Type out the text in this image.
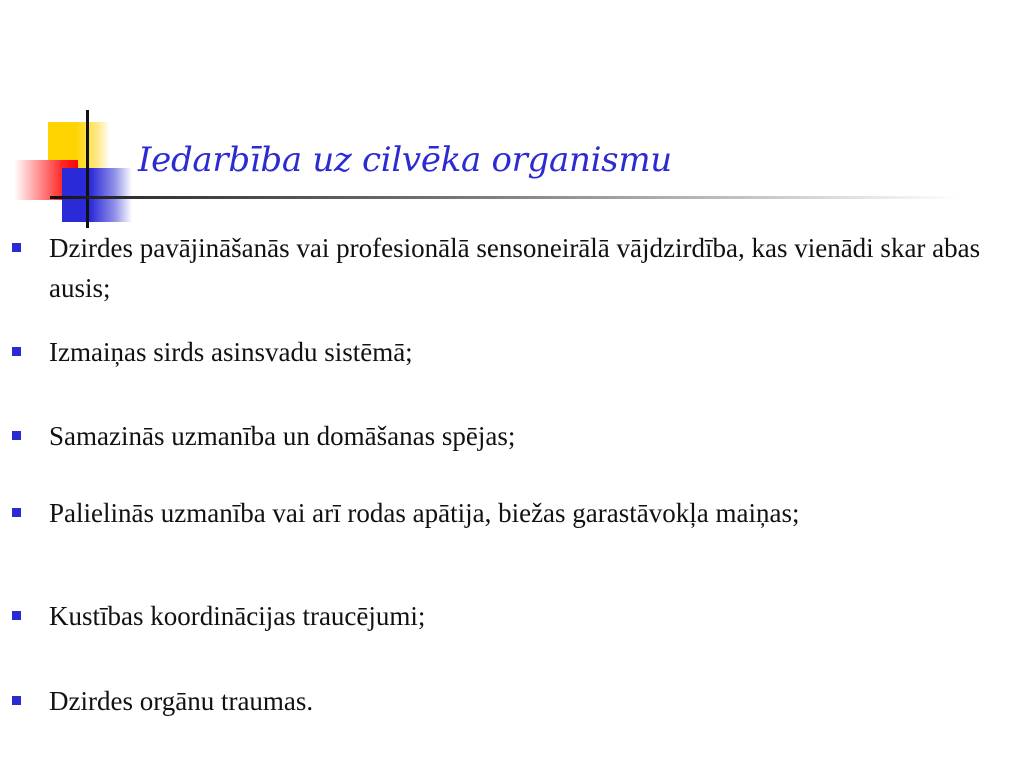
Iedarbība uz cilvēka organismu
Dzirdes pavājināšanās vai profesionālā sensoneirālā vājdzirdība, kas vienādi skar abas ausis;
Izmaiņas sirds asinsvadu sistēmā;
Samazinās uzmanība un domāšanas spējas;
Palielinās uzmanība vai arī rodas apātija, biežas garastāvokļa maiņas;
Kustības koordinācijas traucējumi;
Dzirdes orgānu traumas.
